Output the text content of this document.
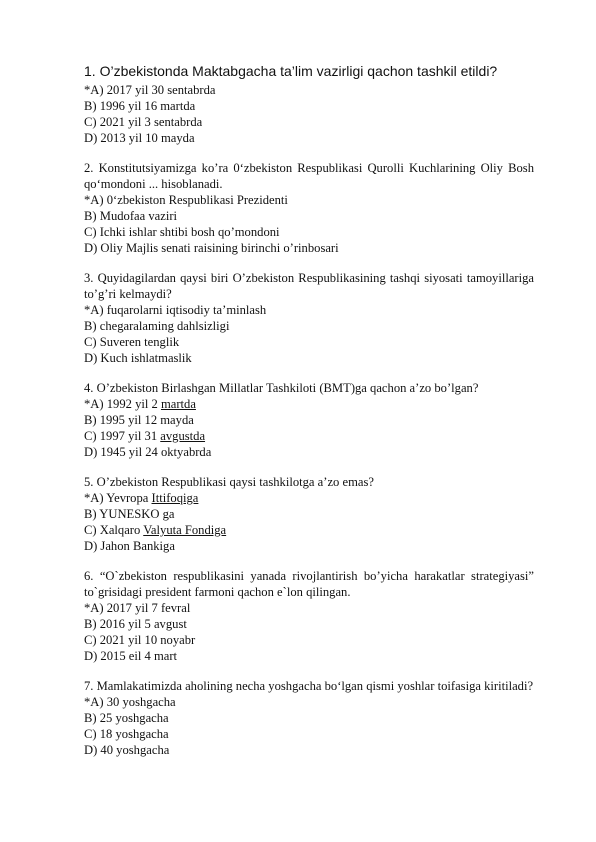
1. O’zbekistonda Maktabgacha ta’lim vazirligi qachon tashkil etildi?

*A) 2017 yil 30 sentabrda

B) 1996 yil 16 martda

C) 2021 yil 3 sentabrda

D) 2013 yil 10 mayda

2. Konstitutsiyamizga ko’ra 0‘zbekiston Respublikasi Qurolli Kuchlarining Oliy Bosh qo‘mondoni ... hisoblanadi.

*A) 0‘zbekiston Respublikasi Prezidenti

B) Mudofaa vaziri

C) Ichki ishlar shtibi bosh qo’mondoni

D) Oliy Majlis senati raisining birinchi o’rinbosari

3. Quyidagilardan qaysi biri O’zbekiston Respublikasining tashqi siyosati tamoyillariga to’g’ri kelmaydi?

*A) fuqarolarni iqtisodiy ta’minlash

B) chegaralaming dahlsizligi

C) Suveren tenglik

D) Kuch ishlatmaslik

4. O’zbekiston Birlashgan Millatlar Tashkiloti (BMT)ga qachon a’zo bo’lgan?

*A) 1992 yil 2 martda

B) 1995 yil 12 mayda

C) 1997 yil 31 avgustda

D) 1945 yil 24 oktyabrda

5. O’zbekiston Respublikasi qaysi tashkilotga a’zo emas?

*A) Yevropa Ittifoqiga

B) YUNESKO ga

C) Xalqaro Valyuta Fondiga

D) Jahon Bankiga

6. “O`zbekiston respublikasini yanada rivojlantirish bo’yicha harakatlar strategiyasi” to`grisidagi president farmoni qachon e`lon qilingan.

*A) 2017 yil 7 fevral

B) 2016 yil 5 avgust

C) 2021 yil 10 noyabr

D) 2015 eil 4 mart

7. Mamlakatimizda aholining necha yoshgacha bo‘lgan qismi yoshlar toifasiga kiritiladi?

*A) 30 yoshgacha

B) 25 yoshgacha

C) 18 yoshgacha

D) 40 yoshgacha
